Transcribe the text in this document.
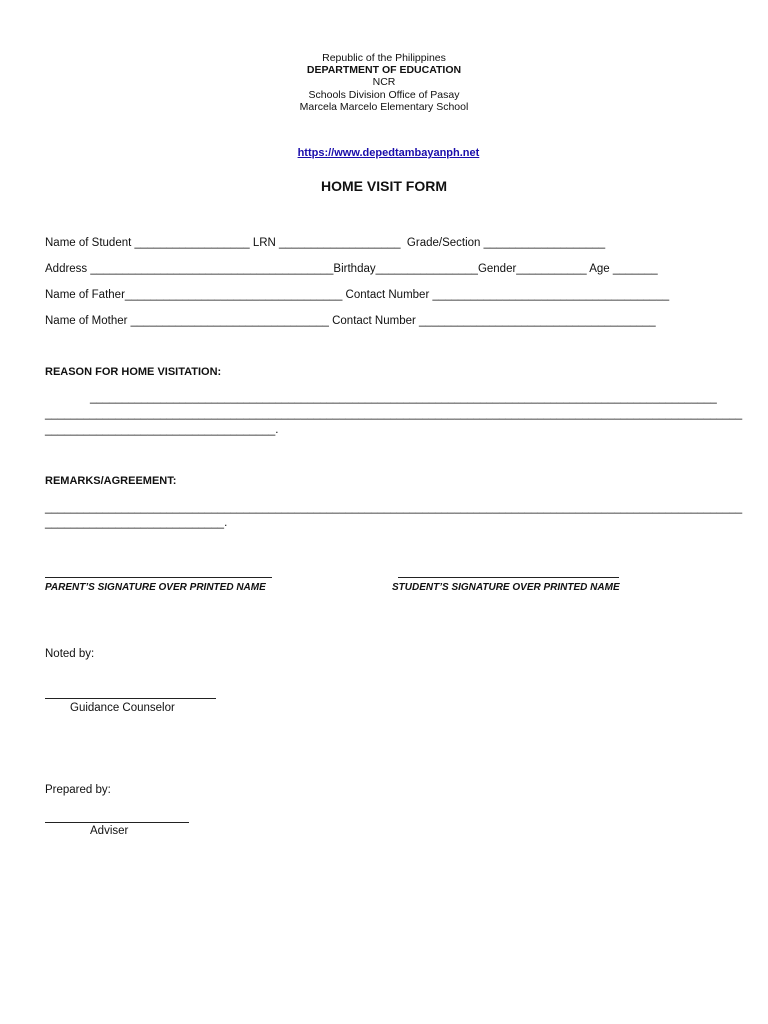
Republic of the Philippines
DEPARTMENT OF EDUCATION
NCR
Schools Division Office of Pasay
Marcela Marcelo Elementary School

https://www.depedtambayanph.net

HOME VISIT FORM
Name of Student __________________ LRN ___________________  Grade/Section ___________________
Address ______________________________________Birthday________________Gender___________ Age _______
Name of Father__________________________________ Contact Number _____________________________________
Name of Mother _______________________________ Contact Number _____________________________________
REASON FOR HOME VISITATION:
__________________________________________________________________________________________________
_____________________________________________________________________________________________________________
____________________________________.
REMARKS/AGREEMENT:
_____________________________________________________________________________________________________________
____________________________.
PARENT’S SIGNATURE OVER PRINTED NAME	STUDENT’S SIGNATURE OVER PRINTED NAME
Noted by:
Guidance Counselor
Prepared by:
Adviser
